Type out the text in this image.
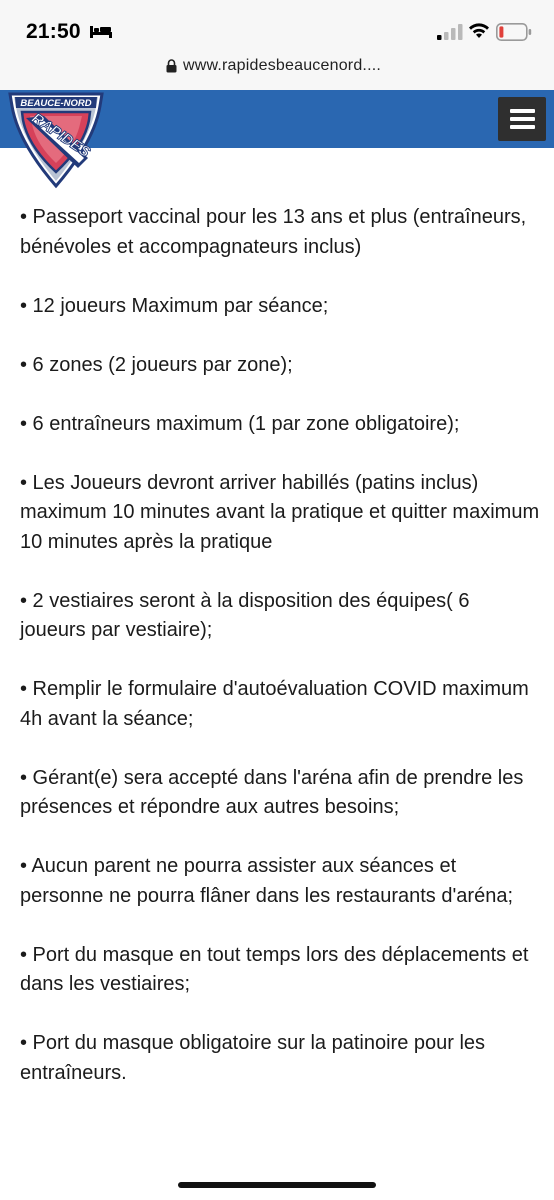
21:50
www.rapidesbeaucenord....
BEAUCE-NORD
RAPIDES

• Passeport vaccinal pour les 13 ans et plus (entraîneurs, bénévoles et accompagnateurs inclus)

• 12 joueurs Maximum par séance;

• 6 zones (2 joueurs par zone);

• 6 entraîneurs maximum (1 par zone obligatoire);

• Les Joueurs devront arriver habillés (patins inclus) maximum 10 minutes avant la pratique et quitter maximum 10 minutes après la pratique

• 2 vestiaires seront à la disposition des équipes( 6 joueurs par vestiaire);

• Remplir le formulaire d'autoévaluation COVID maximum 4h avant la séance;

• Gérant(e) sera accepté dans l'aréna afin de prendre les présences et répondre aux autres besoins;

• Aucun parent ne pourra assister aux séances et personne ne pourra flâner dans les restaurants d'aréna;

• Port du masque en tout temps lors des déplacements et dans les vestiaires;

• Port du masque obligatoire sur la patinoire pour les entraîneurs.
